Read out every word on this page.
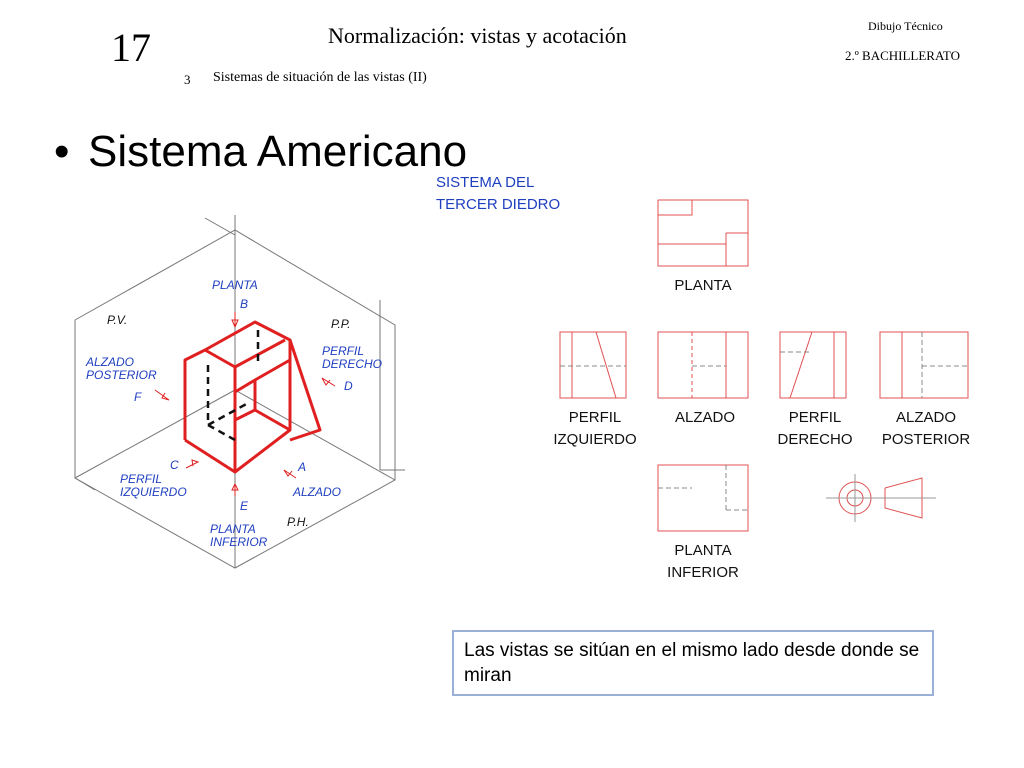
17	Normalización: vistas y acotación	Dibujo Técnico
2.º BACHILLERATO
3 Sistemas de situación de las vistas (II)
• Sistema Americano
SISTEMA DEL
TERCER DIEDRO
PLANTA
B
P.V.	P.P.
ALZADO
POSTERIOR
F
PERFIL
DERECHO
D
C
PERFIL
IZQUIERDO
A
ALZADO
E
P.H.
PLANTA
INFERIOR
PLANTA
PERFIL
IZQUIERDO
ALZADO	PERFIL
DERECHO
ALZADO
POSTERIOR
PLANTA
INFERIOR
Las vistas se sitúan en el mismo lado desde donde se miran
